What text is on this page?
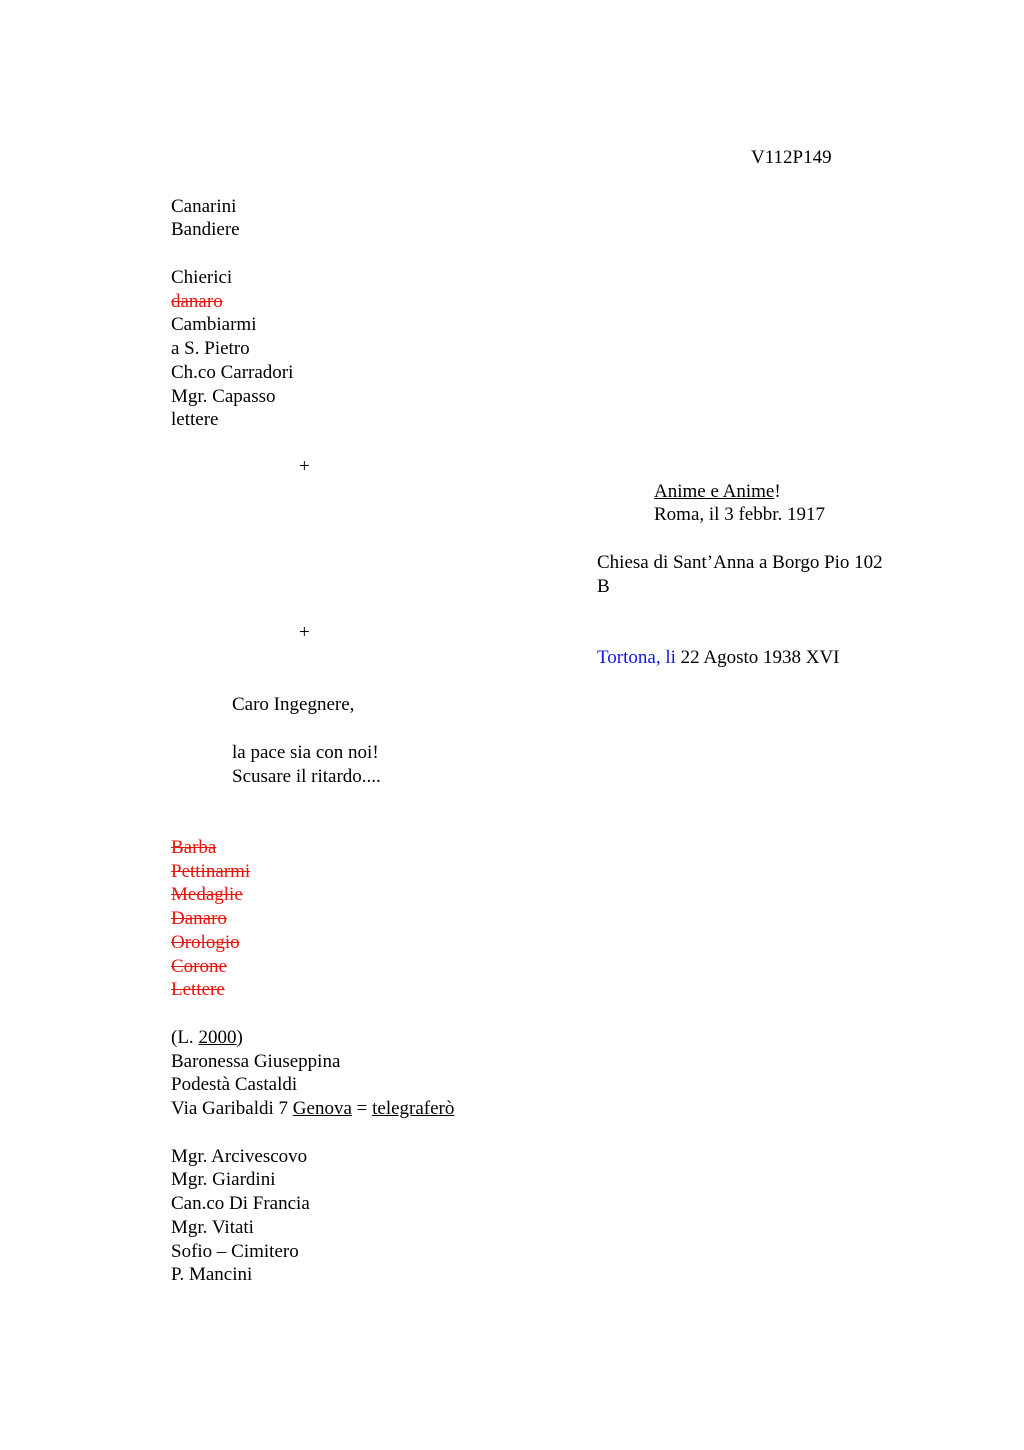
V112P149
Canarini
Bandiere
Chierici
danaro
Cambiarmi
a S. Pietro
Ch.co Carradori
Mgr. Capasso
lettere
+
Anime e Anime!
Roma, il 3 febbr. 1917
Chiesa di Sant’Anna a Borgo Pio 102
B
+
Tortona, li 22 Agosto 1938 XVI
Caro Ingegnere,
la pace sia con noi!
Scusare il ritardo....
Barba
Pettinarmi
Medaglie
Danaro
Orologio
Corone
Lettere
(L. 2000)
Baronessa Giuseppina
Podestà Castaldi
Via Garibaldi 7 Genova = telegraferò
Mgr. Arcivescovo
Mgr. Giardini
Can.co Di Francia
Mgr. Vitati
Sofio – Cimitero
P. Mancini
